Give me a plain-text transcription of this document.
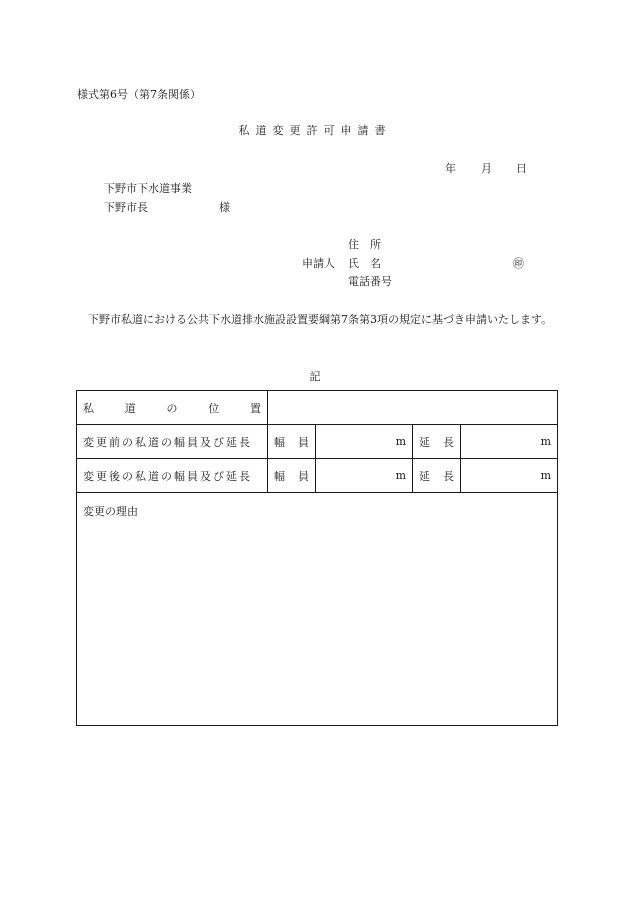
様式第6号（第7条関係）
私道変更許可申請書
年 月 日
下野市下水道事業
下野市長	様
住所
申請人 氏名	㊞
電話番号
下野市私道における公共下水道排水施設設置要綱第7条第3項の規定に基づき申請いたします。
記
私 道 の 位 置				

変更前の私道の幅員及び延長	幅 員	m	延 長	m
変更後の私道の幅員及び延長	幅 員	m	延 長	m
変更の理由				
